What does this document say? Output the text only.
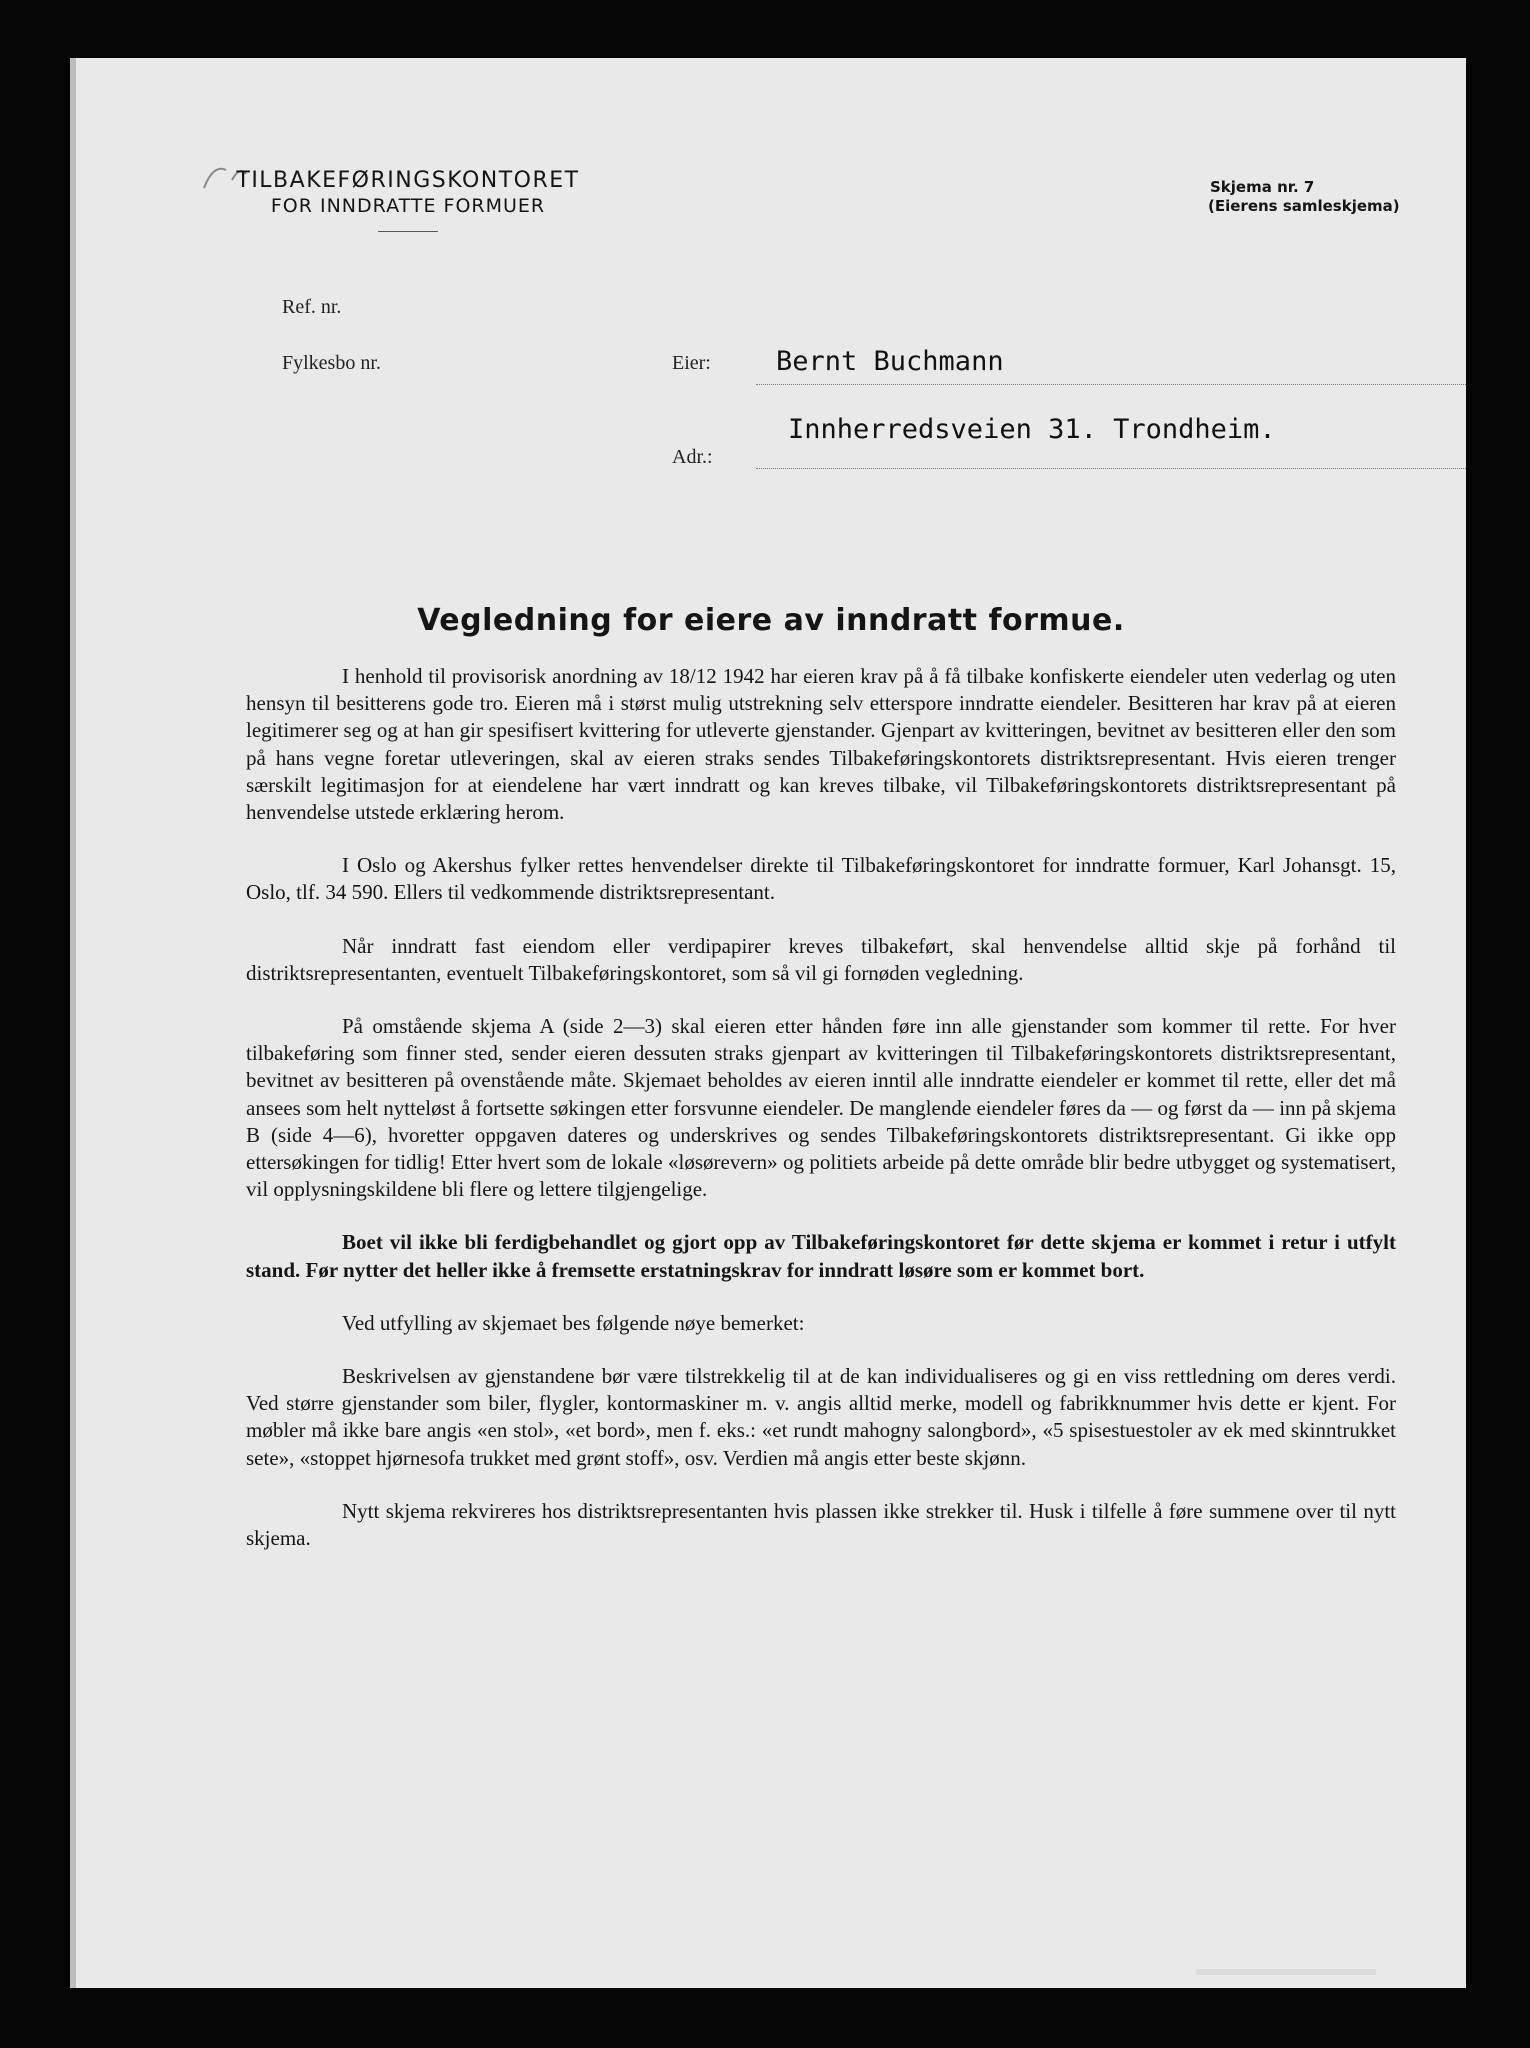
TILBAKEFØRINGSKONTORET
FOR INNDRATTE FORMUER
Skjema nr. 7
(Eierens samleskjema)
Ref. nr.
Fylkesbo nr.	Eier: Bernt Buchmann
Innherredsveien 31. Trondheim.
Adr.:
Vegledning for eiere av inndratt formue.

I henhold til provisorisk anordning av 18/12 1942 har eieren krav på å få tilbake konfiskerte eiendeler uten vederlag og uten hensyn til besitterens gode tro. Eieren må i størst mulig utstrekning selv etterspore inndratte eiendeler. Besitteren har krav på at eieren legitimerer seg og at han gir spesifisert kvittering for utleverte gjenstander. Gjenpart av kvitteringen, bevitnet av besitteren eller den som på hans vegne foretar utleveringen, skal av eieren straks sendes Tilbakeføringskontorets distriktsrepresentant. Hvis eieren trenger særskilt legitimasjon for at eiendelene har vært inndratt og kan kreves tilbake, vil Tilbakeføringskontorets distriktsrepresentant på henvendelse utstede erklæring herom.

I Oslo og Akershus fylker rettes henvendelser direkte til Tilbakeføringskontoret for inndratte formuer, Karl Johansgt. 15, Oslo, tlf. 34 590. Ellers til vedkommende distriktsrepresentant.

Når inndratt fast eiendom eller verdipapirer kreves tilbakeført, skal henvendelse alltid skje på forhånd til distriktsrepresentanten, eventuelt Tilbakeføringskontoret, som så vil gi fornøden vegledning.

På omstående skjema A (side 2—3) skal eieren etter hånden føre inn alle gjenstander som kommer til rette. For hver tilbakeføring som finner sted, sender eieren dessuten straks gjenpart av kvitteringen til Tilbakeføringskontorets distriktsrepresentant, bevitnet av besitteren på ovenstående måte. Skjemaet beholdes av eieren inntil alle inndratte eiendeler er kommet til rette, eller det må ansees som helt nytteløst å fortsette søkingen etter forsvunne eiendeler. De manglende eiendeler føres da — og først da — inn på skjema B (side 4—6), hvoretter oppgaven dateres og underskrives og sendes Tilbakeføringskontorets distriktsrepresentant. Gi ikke opp ettersøkingen for tidlig! Etter hvert som de lokale «løsørevern» og politiets arbeide på dette område blir bedre utbygget og systematisert, vil opplysningskildene bli flere og lettere tilgjengelige.

Boet vil ikke bli ferdigbehandlet og gjort opp av Tilbakeføringskontoret før dette skjema er kommet i retur i utfylt stand. Før nytter det heller ikke å fremsette erstatningskrav for inndratt løsøre som er kommet bort.

Ved utfylling av skjemaet bes følgende nøye bemerket:

Beskrivelsen av gjenstandene bør være tilstrekkelig til at de kan individualiseres og gi en viss rettledning om deres verdi. Ved større gjenstander som biler, flygler, kontormaskiner m. v. angis alltid merke, modell og fabrikknummer hvis dette er kjent. For møbler må ikke bare angis «en stol», «et bord», men f. eks.: «et rundt mahogny salongbord», «5 spisestuestoler av ek med skinntrukket sete», «stoppet hjørnesofa trukket med grønt stoff», osv. Verdien må angis etter beste skjønn.

Nytt skjema rekvireres hos distriktsrepresentanten hvis plassen ikke strekker til. Husk i tilfelle å føre summene over til nytt skjema.
